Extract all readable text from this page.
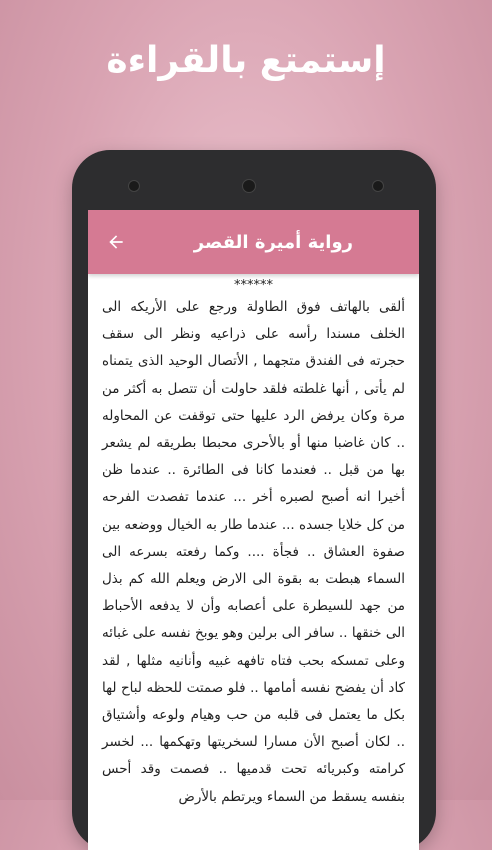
إستمتع بالقراءة
رواية أميرة القصر
******
ألقى بالهاتف فوق الطاولة ورجع على الأريكه الى الخلف مسندا رأسه على ذراعيه ونظر الى سقف حجرته فى الفندق متجهما , الأتصال الوحيد الذى يتمناه لم يأتى , أنها غلطته فلقد حاولت أن تتصل به أكثر من مرة وكان يرفض الرد عليها حتى توقفت عن المحاوله .. كان غاضبا منها أو بالأحرى محبطا بطريقه لم يشعر بها من قبل .. فعندما كانا فى الطائرة .. عندما ظن أخيرا انه أصبح لصبره أخر ... عندما تفصدت الفرحه من كل خلايا جسده ... عندما طار به الخيال ووضعه بين صفوة العشاق .. فجأة .... وكما رفعته بسرعه الى السماء هبطت به بقوة الى الارض ويعلم الله كم بذل من جهد للسيطرة على أعصابه وأن لا يدفعه الأحباط الى خنقها .. سافر الى برلين وهو يوبخ نفسه على غبائه وعلى تمسكه بحب فتاه تافهه غبيه وأنانيه مثلها , لقد كاد أن يفضح نفسه أمامها .. فلو صمتت للحظه لباح لها بكل ما يعتمل فى قلبه من حب وهيام ولوعه وأشتياق .. لكان أصبح الأن مسارا لسخريتها وتهكمها ... لخسر كرامته وكبريائه تحت قدميها .. فصمت وقد أحس بنفسه يسقط من السماء ويرتطم بالأرض
